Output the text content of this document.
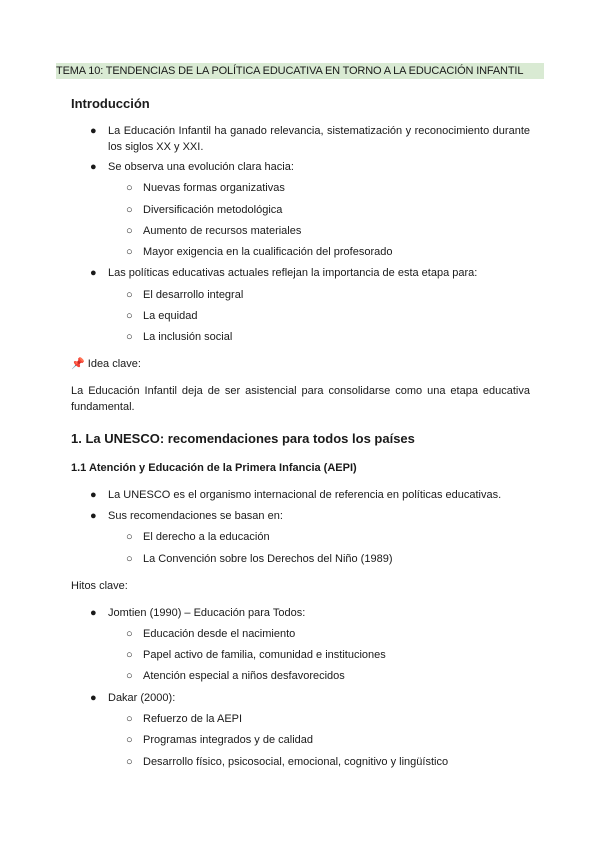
TEMA 10: TENDENCIAS DE LA POLÍTICA EDUCATIVA EN TORNO A LA EDUCACIÓN INFANTIL
Introducción
● La Educación Infantil ha ganado relevancia, sistematización y reconocimiento durante los siglos XX y XXI.
● Se observa una evolución clara hacia:
○ Nuevas formas organizativas
○ Diversificación metodológica
○ Aumento de recursos materiales
○ Mayor exigencia en la cualificación del profesorado
● Las políticas educativas actuales reflejan la importancia de esta etapa para:
○ El desarrollo integral
○ La equidad
○ La inclusión social
📌 Idea clave:
La Educación Infantil deja de ser asistencial para consolidarse como una etapa educativa fundamental.
1. La UNESCO: recomendaciones para todos los países
1.1 Atención y Educación de la Primera Infancia (AEPI)
● La UNESCO es el organismo internacional de referencia en políticas educativas.
● Sus recomendaciones se basan en:
○ El derecho a la educación
○ La Convención sobre los Derechos del Niño (1989)
Hitos clave:
● Jomtien (1990) – Educación para Todos:
○ Educación desde el nacimiento
○ Papel activo de familia, comunidad e instituciones
○ Atención especial a niños desfavorecidos
● Dakar (2000):
○ Refuerzo de la AEPI
○ Programas integrados y de calidad
○ Desarrollo físico, psicosocial, emocional, cognitivo y lingüístico
